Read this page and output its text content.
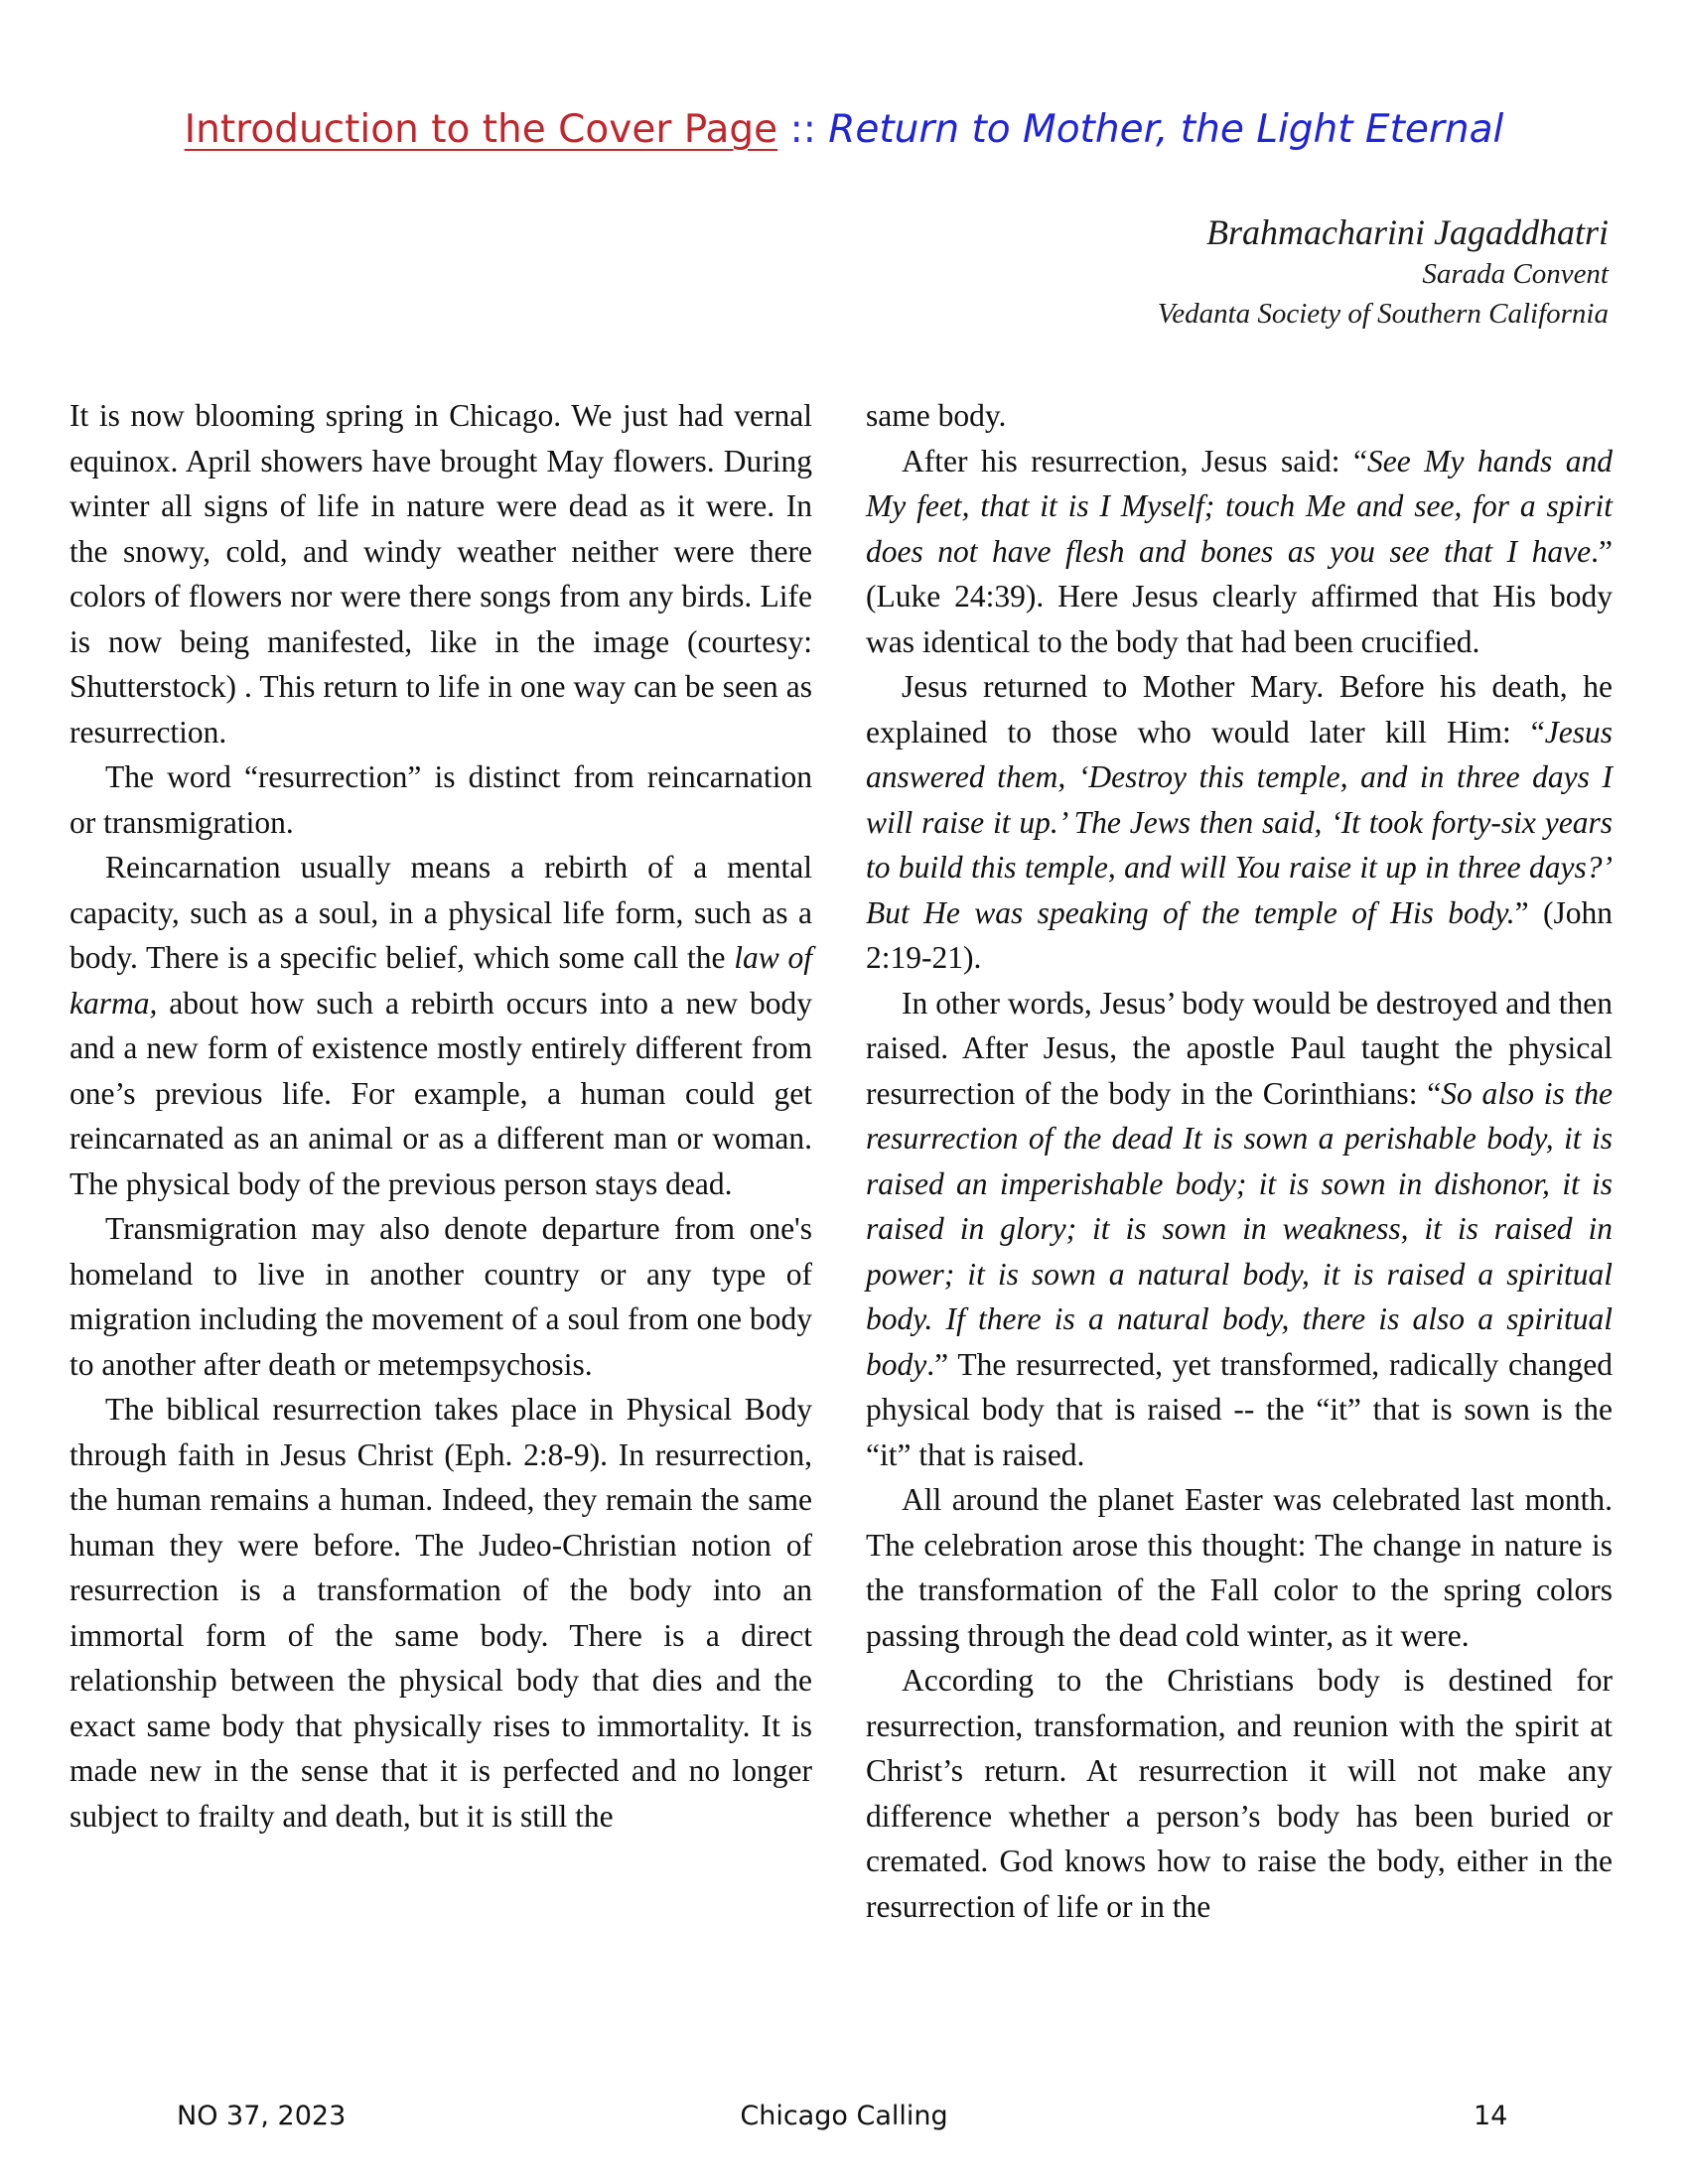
Introduction to the Cover Page :: Return to Mother, the Light Eternal
Brahmacharini Jagaddhatri
Sarada Convent
Vedanta Society of Southern California

It is now blooming spring in Chicago. We just had vernal equinox. April showers have brought May flowers. During winter all signs of life in nature were dead as it were. In the snowy, cold, and windy weather neither were there colors of flowers nor were there songs from any birds. Life is now being manifested, like in the image (courtesy: Shutterstock) . This return to life in one way can be seen as resurrection.

The word “resurrection” is distinct from reincarnation or transmigration.

Reincarnation usually means a rebirth of a mental capacity, such as a soul, in a physical life form, such as a body. There is a specific belief, which some call the law of karma, about how such a rebirth occurs into a new body and a new form of existence mostly entirely different from one’s previous life. For example, a human could get reincarnated as an animal or as a different man or woman. The physical body of the previous person stays dead.

Transmigration may also denote departure from one's homeland to live in another country or any type of migration including the movement of a soul from one body to another after death or metempsychosis.

The biblical resurrection takes place in Physical Body through faith in Jesus Christ (Eph. 2:8-9). In resurrection, the human remains a human. Indeed, they remain the same human they were before. The Judeo-Christian notion of resurrection is a transformation of the body into an immortal form of the same body. There is a direct relationship between the physical body that dies and the exact same body that physically rises to immortality. It is made new in the sense that it is perfected and no longer subject to frailty and death, but it is still the

same body.

After his resurrection, Jesus said: “See My hands and My feet, that it is I Myself; touch Me and see, for a spirit does not have flesh and bones as you see that I have.” (Luke 24:39). Here Jesus clearly affirmed that His body was identical to the body that had been crucified.

Jesus returned to Mother Mary. Before his death, he explained to those who would later kill Him: “Jesus answered them, ‘Destroy this temple, and in three days I will raise it up.’ The Jews then said, ‘It took forty-six years to build this temple, and will You raise it up in three days?’ But He was speaking of the temple of His body.” (John 2:19-21).

In other words, Jesus’ body would be destroyed and then raised. After Jesus, the apostle Paul taught the physical resurrection of the body in the Corinthians: “So also is the resurrection of the dead It is sown a perishable body, it is raised an imperishable body; it is sown in dishonor, it is raised in glory; it is sown in weakness, it is raised in power; it is sown a natural body, it is raised a spiritual body. If there is a natural body, there is also a spiritual body.” The resurrected, yet transformed, radically changed physical body that is raised -- the “it” that is sown is the “it” that is raised.

All around the planet Easter was celebrated last month. The celebration arose this thought: The change in nature is the transformation of the Fall color to the spring colors passing through the dead cold winter, as it were.

According to the Christians body is destined for resurrection, transformation, and reunion with the spirit at Christ’s return. At resurrection it will not make any difference whether a person’s body has been buried or cremated. God knows how to raise the body, either in the resurrection of life or in the

Chicago Calling
NO 37, 2023	14
